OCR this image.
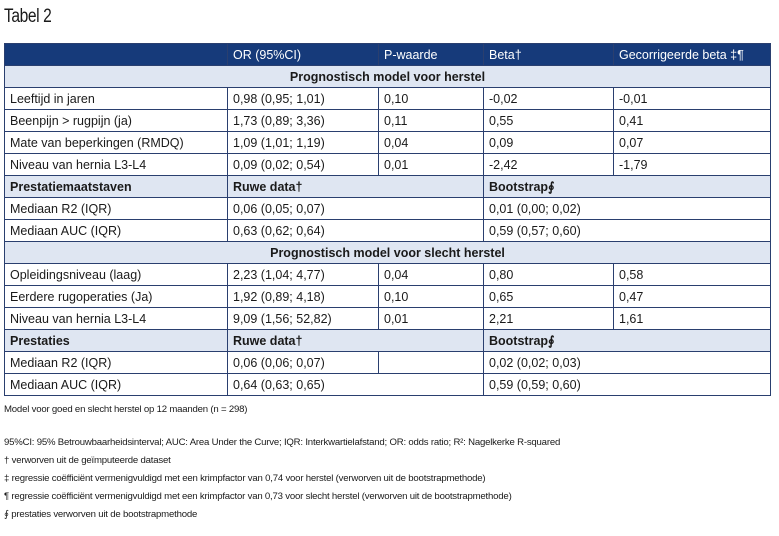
Tabel 2
	OR (95%CI)	P-waarde	Beta†	Gecorrigeerde beta ‡¶
Prognostisch model voor herstel				
Leeftijd in jaren	0,98 (0,95; 1,01)	0,10	-0,02	-0,01
Beenpijn > rugpijn (ja)	1,73 (0,89; 3,36)	0,11	0,55	0,41
Mate van beperkingen (RMDQ)	1,09 (1,01; 1,19)	0,04	0,09	0,07
Niveau van hernia L3-L4	0,09 (0,02; 0,54)	0,01	-2,42	-1,79
Prestatiemaatstaven	Ruwe data†		Bootstrap∮	
Mediaan R2 (IQR)	0,06 (0,05; 0,07)		0,01 (0,00; 0,02)	
Mediaan AUC (IQR)	0,63 (0,62; 0,64)		0,59 (0,57; 0,60)	
Prognostisch model voor slecht herstel				
Opleidingsniveau (laag)	2,23 (1,04; 4,77)	0,04	0,80	0,58
Eerdere rugoperaties (Ja)	1,92 (0,89; 4,18)	0,10	0,65	0,47
Niveau van hernia L3-L4	9,09 (1,56; 52,82)	0,01	2,21	1,61
Prestaties	Ruwe data†		Bootstrap∮	
Mediaan R2 (IQR)	0,06 (0,06; 0,07)		0,02 (0,02; 0,03)	
Mediaan AUC (IQR)	0,64 (0,63; 0,65)		0,59 (0,59; 0,60)	
Model voor goed en slecht herstel op 12 maanden (n = 298)
95%CI: 95% Betrouwbaarheidsinterval; AUC: Area Under the Curve; IQR: Interkwartielafstand; OR: odds ratio; R²: Nagelkerke R-squared
† verworven uit de geïmputeerde dataset
‡ regressie coëfficiënt vermenigvuldigd met een krimpfactor van 0,74 voor herstel (verworven uit de bootstrapmethode)
¶ regressie coëfficiënt vermenigvuldigd met een krimpfactor van 0,73 voor slecht herstel (verworven uit de bootstrapmethode)
∮ prestaties verworven uit de bootstrapmethode
